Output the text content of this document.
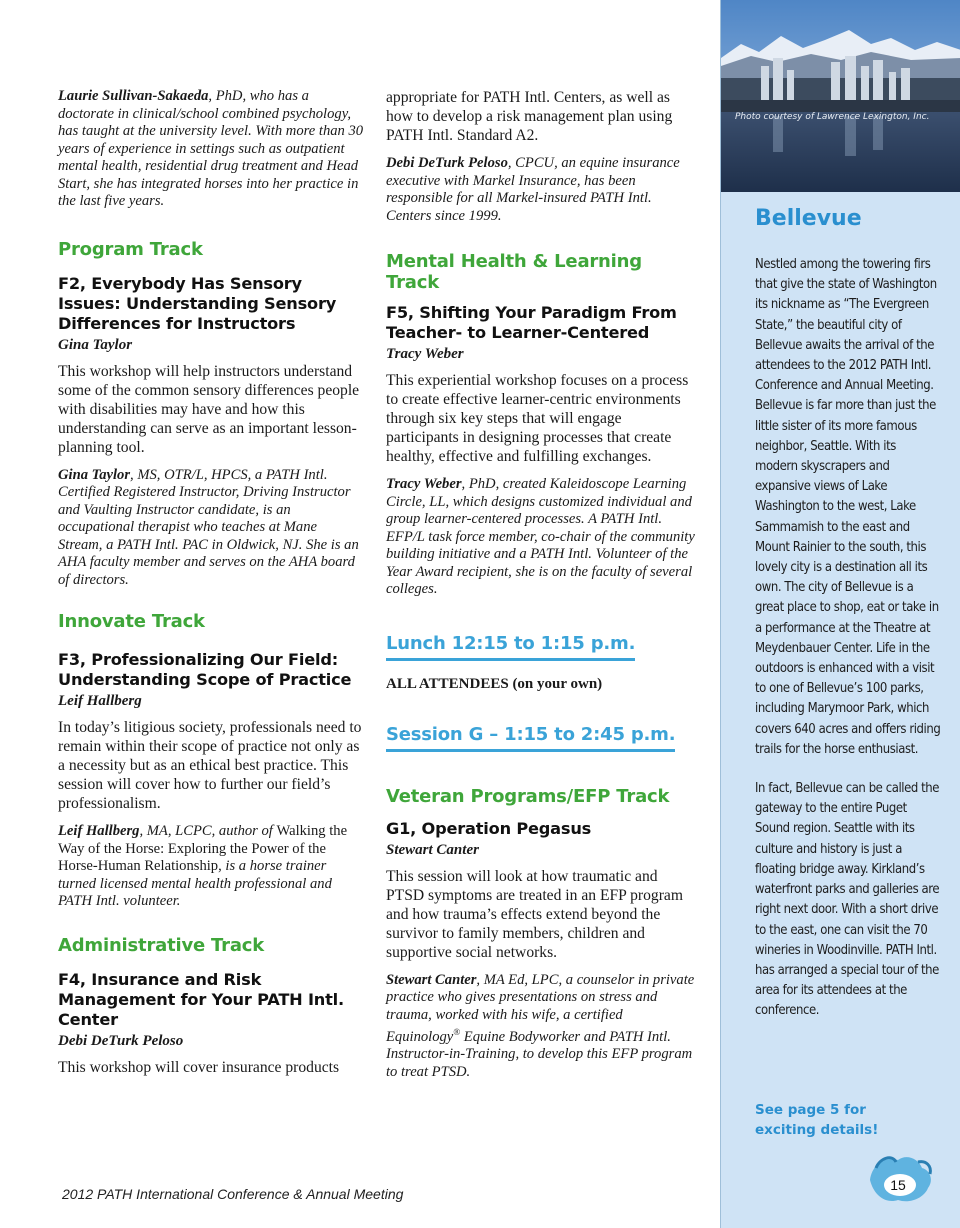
Laurie Sullivan-Sakaeda, PhD, who has a doctorate in clinical/school combined psychology, has taught at the university level. With more than 30 years of experience in settings such as outpatient mental health, residential drug treatment and Head Start, she has integrated horses into her practice in the last five years.

Program Track
F2, Everybody Has Sensory Issues: Understanding Sensory Differences for Instructors
Gina Taylor

This workshop will help instructors understand some of the common sensory differences people with disabilities may have and how this understanding can serve as an important lesson-planning tool.

Gina Taylor, MS, OTR/L, HPCS, a PATH Intl. Certified Registered Instructor, Driving Instructor and Vaulting Instructor candidate, is an occupational therapist who teaches at Mane Stream, a PATH Intl. PAC in Oldwick, NJ. She is an AHA faculty member and serves on the AHA board of directors.

Innovate Track
F3, Professionalizing Our Field: Understanding Scope of Practice
Leif Hallberg

In today’s litigious society, professionals need to remain within their scope of practice not only as a necessity but as an ethical best practice. This session will cover how to further our field’s professionalism.

Leif Hallberg, MA, LCPC, author of Walking the Way of the Horse: Exploring the Power of the Horse-Human Relationship, is a horse trainer turned licensed mental health professional and PATH Intl. volunteer.

Administrative Track
F4, Insurance and Risk Management for Your PATH Intl. Center
Debi DeTurk Peloso

This workshop will cover insurance products

appropriate for PATH Intl. Centers, as well as how to develop a risk management plan using PATH Intl. Standard A2.

Debi DeTurk Peloso, CPCU, an equine insurance executive with Markel Insurance, has been responsible for all Markel-insured PATH Intl. Centers since 1999.

Mental Health & Learning Track
F5, Shifting Your Paradigm From Teacher- to Learner-Centered
Tracy Weber

This experiential workshop focuses on a process to create effective learner-centric environments through six key steps that will engage participants in designing processes that create healthy, effective and fulfilling exchanges.

Tracy Weber, PhD, created Kaleidoscope Learning Circle, LL, which designs customized individual and group learner-centered processes. A PATH Intl. EFP/L task force member, co-chair of the community building initiative and a PATH Intl. Volunteer of the Year Award recipient, she is on the faculty of several colleges.

Lunch 12:15 to 1:15 p.m.

ALL ATTENDEES (on your own)

Session G – 1:15 to 2:45 p.m.
Veteran Programs/EFP Track
G1, Operation Pegasus
Stewart Canter

This session will look at how traumatic and PTSD symptoms are treated in an EFP program and how trauma’s effects extend beyond the survivor to family members, children and supportive social networks.

Stewart Canter, MA Ed, LPC, a counselor in private practice who gives presentations on stress and trauma, worked with his wife, a certified Equinology® Equine Bodyworker and PATH Intl. Instructor-in-Training, to develop this EFP program to treat PTSD.

Photo courtesy of Lawrence Lexington, Inc.
Bellevue

Nestled among the towering firs that give the state of Washington its nickname as “The Evergreen State,” the beautiful city of Bellevue awaits the arrival of the attendees to the 2012 PATH Intl. Conference and Annual Meeting. Bellevue is far more than just the little sister of its more famous neighbor, Seattle. With its modern skyscrapers and expansive views of Lake Washington to the west, Lake Sammamish to the east and Mount Rainier to the south, this lovely city is a destination all its own. The city of Bellevue is a great place to shop, eat or take in a performance at the Theatre at Meydenbauer Center. Life in the outdoors is enhanced with a visit to one of Bellevue’s 100 parks, including Marymoor Park, which covers 640 acres and offers riding trails for the horse enthusiast.

In fact, Bellevue can be called the gateway to the entire Puget Sound region. Seattle with its culture and history is just a floating bridge away. Kirkland’s waterfront parks and galleries are right next door. With a short drive to the east, one can visit the 70 wineries in Woodinville. PATH Intl. has arranged a special tour of the area for its attendees at the conference.

See page 5 for exciting details!
2012 PATH International Conference & Annual Meeting
15
